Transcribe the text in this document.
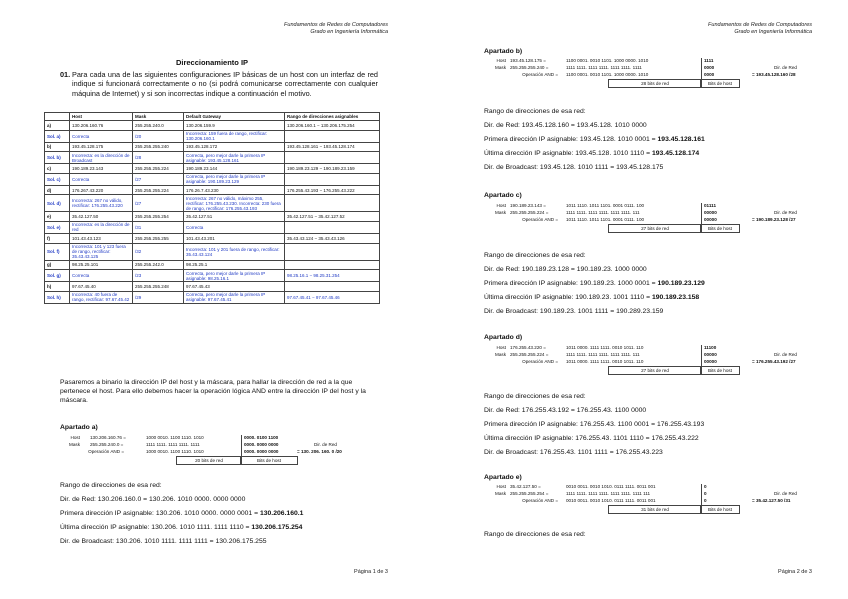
Fundamentos de Redes de Computadores
Grado en Ingeniería Informática
Direccionamiento IP
01. Para cada una de las siguientes configuraciones IP básicas de un host con un interfaz de red indique si funcionará correctamente o no (si podrá comunicarse correctamente con cualquier máquina de Internet) y si son incorrectas indique a continuación el motivo.
	Host	Mask	Default Gateway	Rango de direcciones asignables
a)	130.206.160.76	255.255.240.0	130.206.159.9	130.206.160.1 − 130.206.175.254
Sol. a)	Correcta	/20	Incorrecta: 159 fuera de rango, rectificar: 130.206.160.1	
b)	193.45.128.175	255.255.255.240	193.45.128.172	193.45.128.161 − 193.45.128.174
Sol. b)	Incorrecta: es la dirección de Broadcast	/28	Correcta, pero mejor darle la primera IP asignable: 193.45.128.161	
c)	190.189.23.143	255.255.255.224	190.189.23.144	190.189.23.129 − 190.189.23.159
Sol. c)	Correcta	/27	Correcta, pero mejor darle la primera IP asignable: 190.189.23.129	
d)	176.267.43.220	255.255.255.224	176.26.7.43.230	176.255.43.193 − 176.255.43.222
Sol. d)	Incorrecta: 267 no válido, rectificar: 176.255.43.220	/27	Incorrecta: 267 no válido, máximo 255, rectificar: 176.255.43.230. Incorrecta: 230 fuera de rango, rectificar: 176.255.43.193	
e)	35.42.127.50	255.255.255.254	35.42.127.51	35.42.127.51 − 35.42.127.52
Sol. e)	Incorrecta: es la dirección de red	/31	Correcta	
f)	101.43.43.123	255.255.255.255	101.43.43.201	35.43.43.124 − 35.43.43.126
Sol. f)	Incorrecta: 101 y 123 fuera de rango, rectificar: 35.43.43.125	/32	Incorrecta: 101 y 201 fuera de rango, rectificar: 35.43.43.124	
g)	98.25.25.101	255.255.242.0	98.25.25.1	
Sol. g)	Correcta	/23	Correcta, pero mejor darle la primera IP asignable: 98.25.16.1	98.25.16.1 − 98.25.31.254
h)	97.67.45.40	255.255.255.248	97.67.45.43	
Sol. h)	Incorrecta: 40 fuera de rango, rectificar: 97.67.45.42	/29	Correcta, pero mejor darle la primera IP asignable: 97.67.45.41	97.67.45.41 − 97.67.45.46
Pasaremos a binario la dirección IP del host y la máscara, para hallar la dirección de red a la que pertenece el host. Para ello debemos hacer la operación lógica AND entre la dirección IP del host y la máscara.
Apartado a)
Host 130.206.160.76 =	1000 0010. 1100 1110. 1010	0000. 0100 1100
Mask 255.255.240.0 =	1111 1111. 1111 1111. 1111	0000. 0000 0000
Operación AND =	1000 0010. 1100 1110. 1010	0000. 0000 0000
Dir. de Red
= 130. 206. 160. 0 /20
20 bits de red	Bits de host
Rango de direcciones de esa red:
Dir. de Red: 130.206.160.0 = 130.206. 1010 0000. 0000 0000
Primera dirección IP asignable: 130.206. 1010 0000. 0000 0001 = 130.206.160.1
Última dirección IP asignable: 130.206. 1010 1111. 1111 1110 = 130.206.175.254
Dir. de Broadcast: 130.206. 1010 1111. 1111 1111 = 130.206.175.255
Página 1 de 3
Fundamentos de Redes de Computadores
Grado en Ingeniería Informática
Apartado b)
Host 193.45.128.175 =	1100 0001. 0010 1101. 1000 0000. 1010	1111
Mask 255.255.255.240 =	1111 1111. 1111 1111. 1111 1111. 1111	0000
Operación AND = 1100 0001. 0010 1101. 1000 0000. 1010	0000
Dir. de Red
= 193.45.128.160 /28
28 bits de red	Bits de host
Rango de direcciones de esa red:
Dir. de Red: 193.45.128.160 = 193.45.128. 1010 0000
Primera dirección IP asignable: 193.45.128. 1010 0001 = 193.45.128.161
Última dirección IP asignable: 193.45.128. 1010 1110 = 193.45.128.174
Dir. de Broadcast: 193.45.128. 1010 1111 = 193.45.128.175
Apartado c)
Host 190.189.23.143 =	1011 1110. 1011 1101. 0001 0111. 100	01111
Mask 255.255.255.224 =	1111 1111. 1111 1111. 1111 1111. 111	00000
Operación AND = 1011 1110. 1011 1101. 0001 0111. 100	00000
Dir. de Red
= 190.189.23.128 /27
27 bits de red	Bits de host
Rango de direcciones de esa red:
Dir. de Red: 190.189.23.128 = 190.189.23. 1000 0000
Primera dirección IP asignable: 190.189.23. 1000 0001 = 190.189.23.129
Última dirección IP asignable: 190.189.23. 1001 1110 = 190.189.23.158
Dir. de Broadcast: 190.189.23. 1001 1111 = 190.289.23.159
Apartado d)
Host 176.255.43.220 =	1011 0000. 1111 1111. 0010 1011. 110	11100
Mask 255.255.255.224 =	1111 1111. 1111 1111. 1111 1111. 111	00000
Operación AND = 1011 0000. 1111 1111. 0010 1011. 110	00000
Dir. de Red
= 176.255.43.192 /27
27 bits de red	Bits de host
Rango de direcciones de esa red:
Dir. de Red: 176.255.43.192 = 176.255.43. 1100 0000
Primera dirección IP asignable: 176.255.43. 1100 0001 = 176.255.43.193
Última dirección IP asignable: 176.255.43. 1101 1110 = 176.255.43.222
Dir. de Broadcast: 176.255.43. 1101 1111 = 176.255.43.223
Apartado e)
Host 35.42.127.50 =	0010 0011. 0010 1010. 0111 1111. 0011 001	0
Mask 255.255.255.254 =	1111 1111. 1111 1111. 1111 1111. 1111 111	0
Operación AND = 0010 0011. 0010 1010. 0111 1111. 0011 001	0
Dir. de Red
= 35.42.127.50 /31
31 bits de red	Bits de host
Rango de direcciones de esa red:
Página 2 de 3
